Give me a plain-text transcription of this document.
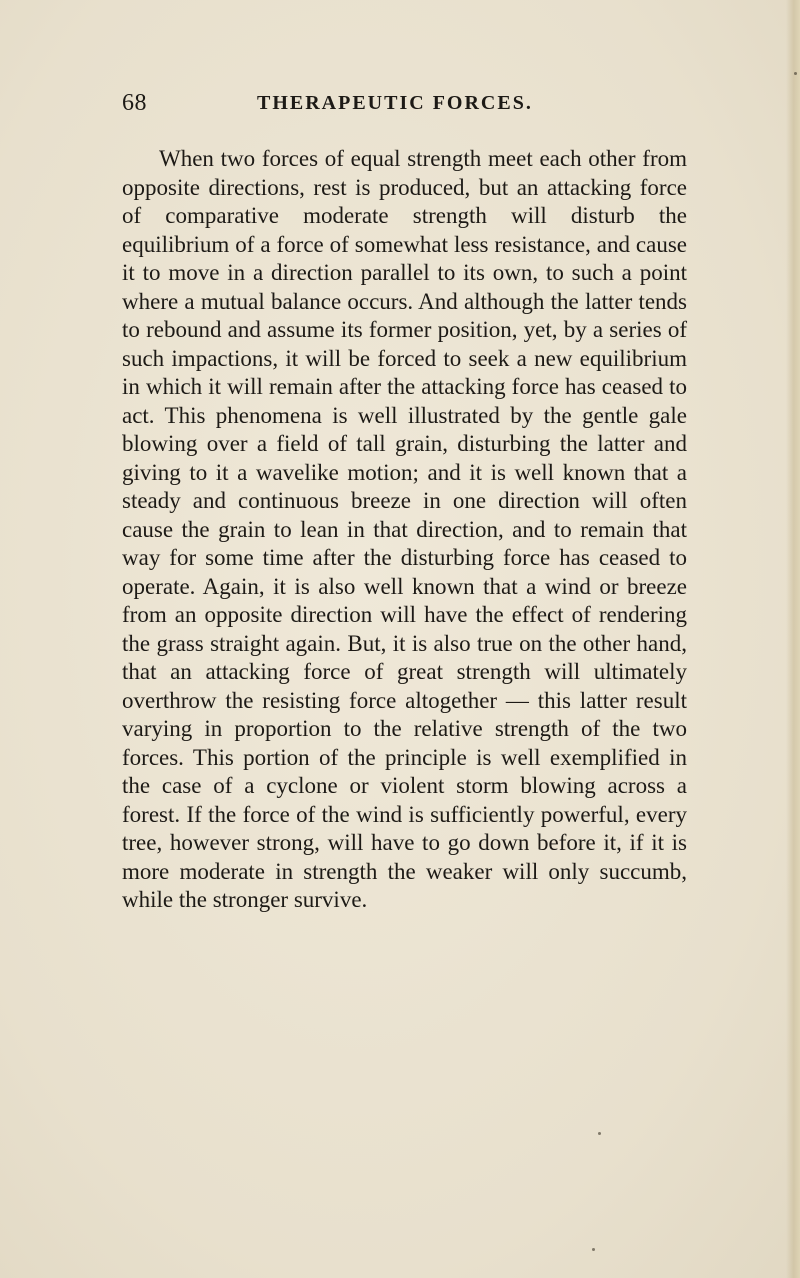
68	THERAPEUTIC FORCES.

When two forces of equal strength meet each other from opposite directions, rest is produced, but an attacking force of comparative moderate strength will disturb the equilibrium of a force of somewhat less resistance, and cause it to move in a direction parallel to its own, to such a point where a mutual balance occurs. And although the latter tends to rebound and assume its former position, yet, by a series of such impactions, it will be forced to seek a new equilibrium in which it will remain after the attacking force has ceased to act. This phenomena is well illustrated by the gentle gale blowing over a field of tall grain, disturbing the latter and giving to it a wavelike motion; and it is well known that a steady and continuous breeze in one direction will often cause the grain to lean in that direction, and to remain that way for some time after the disturbing force has ceased to operate. Again, it is also well known that a wind or breeze from an opposite direction will have the effect of rendering the grass straight again. But, it is also true on the other hand, that an attacking force of great strength will ultimately overthrow the resisting force altogether — this latter result varying in proportion to the relative strength of the two forces. This portion of the principle is well exemplified in the case of a cyclone or violent storm blowing across a forest. If the force of the wind is sufficiently powerful, every tree, however strong, will have to go down before it, if it is more moderate in strength the weaker will only succumb, while the stronger survive.
